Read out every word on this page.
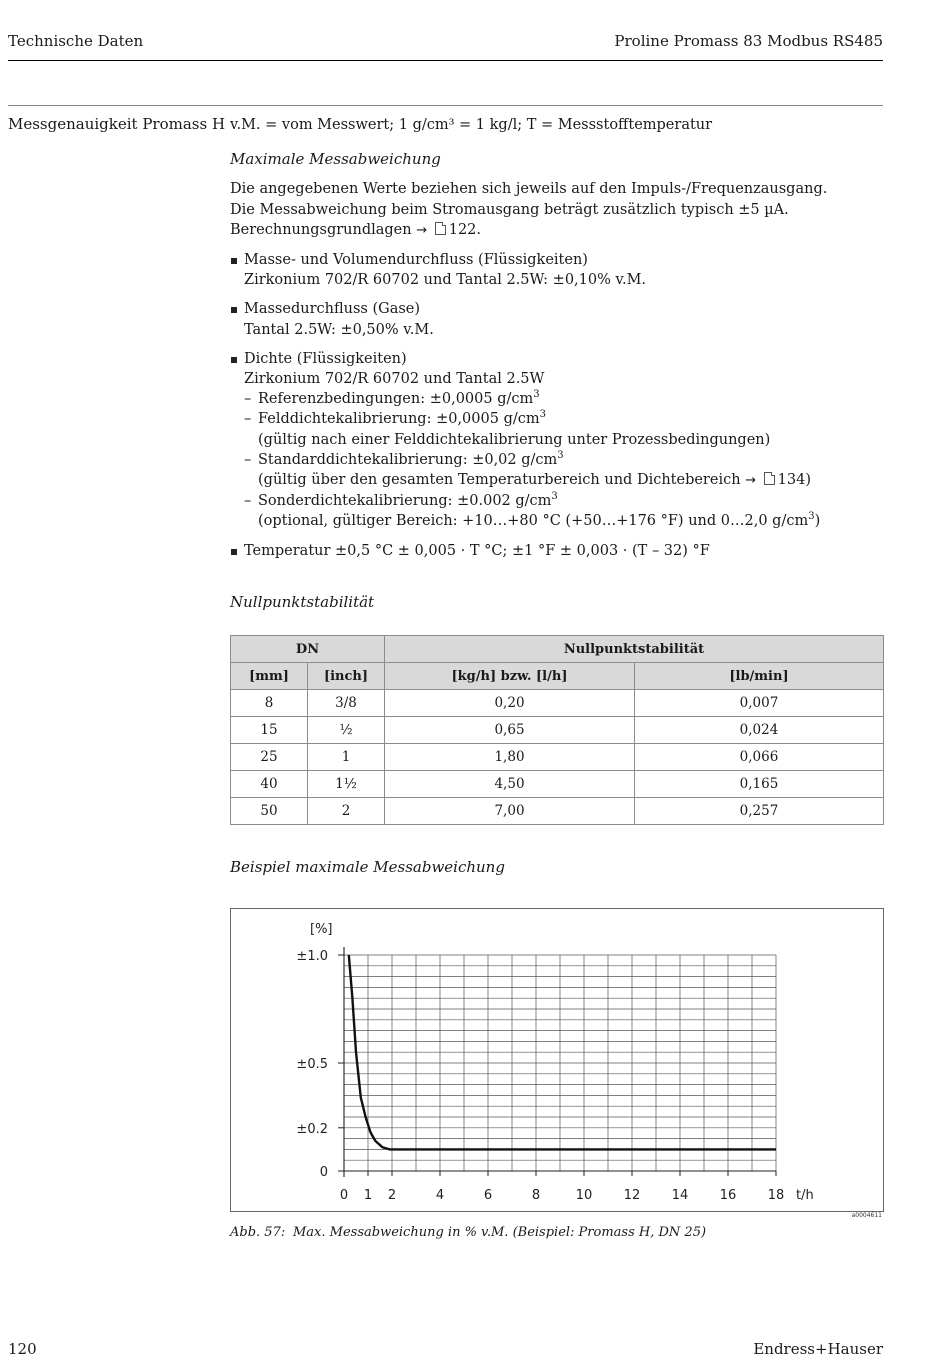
Technische Daten	Proline Promass 83 Modbus RS485
Messgenauigkeit Promass H v.M. = vom Messwert; 1 g/cm³ = 1 kg/l; T = Messstofftemperatur

Maximale Messabweichung

Die angegebenen Werte beziehen sich jeweils auf den Impuls-/Frequenzausgang.

Die Messabweichung beim Stromausgang beträgt zusätzlich typisch ±5 µA.

Berechnungsgrundlagen → 122.

Masse- und Volumendurchfluss (Flüssigkeiten)
Zirkonium 702/R 60702 und Tantal 2.5W: ±0,10% v.M.
Massedurchfluss (Gase)
Tantal 2.5W: ±0,50% v.M.
Dichte (Flüssigkeiten)
Zirkonium 702/R 60702 und Tantal 2.5W
– Referenzbedingungen: ±0,0005 $g/cm^3$
– Felddichtekalibrierung: ±0,0005 $g/cm^3$
(gültig nach einer Felddichtekalibrierung unter Prozessbedingungen)
– Standarddichtekalibrierung: ±0,02 $g/cm^3$
(gültig über den gesamten Temperaturbereich und Dichtebereich → 134)
– Sonderdichtekalibrierung: ±0.002 $g/cm^3$
(optional, gültiger Bereich: +10…+80 °C (+50…+176 °F) und 0…2,0 $g/cm^3$)
Temperatur ±0,5 °C ± 0,005 · T °C; ±1 °F ± 0,003 · (T – 32) °F
Nullpunktstabilität
DN		Nullpunktstabilität	
[mm]	[inch]	[kg/h] bzw. [l/h]	[lb/min]
8	3/8	0,20	0,007
15	½	0,65	0,024
25	1	1,80	0,066
40	1½	4,50	0,165
50	2	7,00	0,257
Beispiel maximale Messabweichung
0
±0.2
±0.5
±1.0
0 1 2	4	6	8	10 12 14 16 18
[%]
t/h
a0004611
Abb. 57: Max. Messabweichung in % v.M. (Beispiel: Promass H, DN 25)
120	Endress+Hauser
